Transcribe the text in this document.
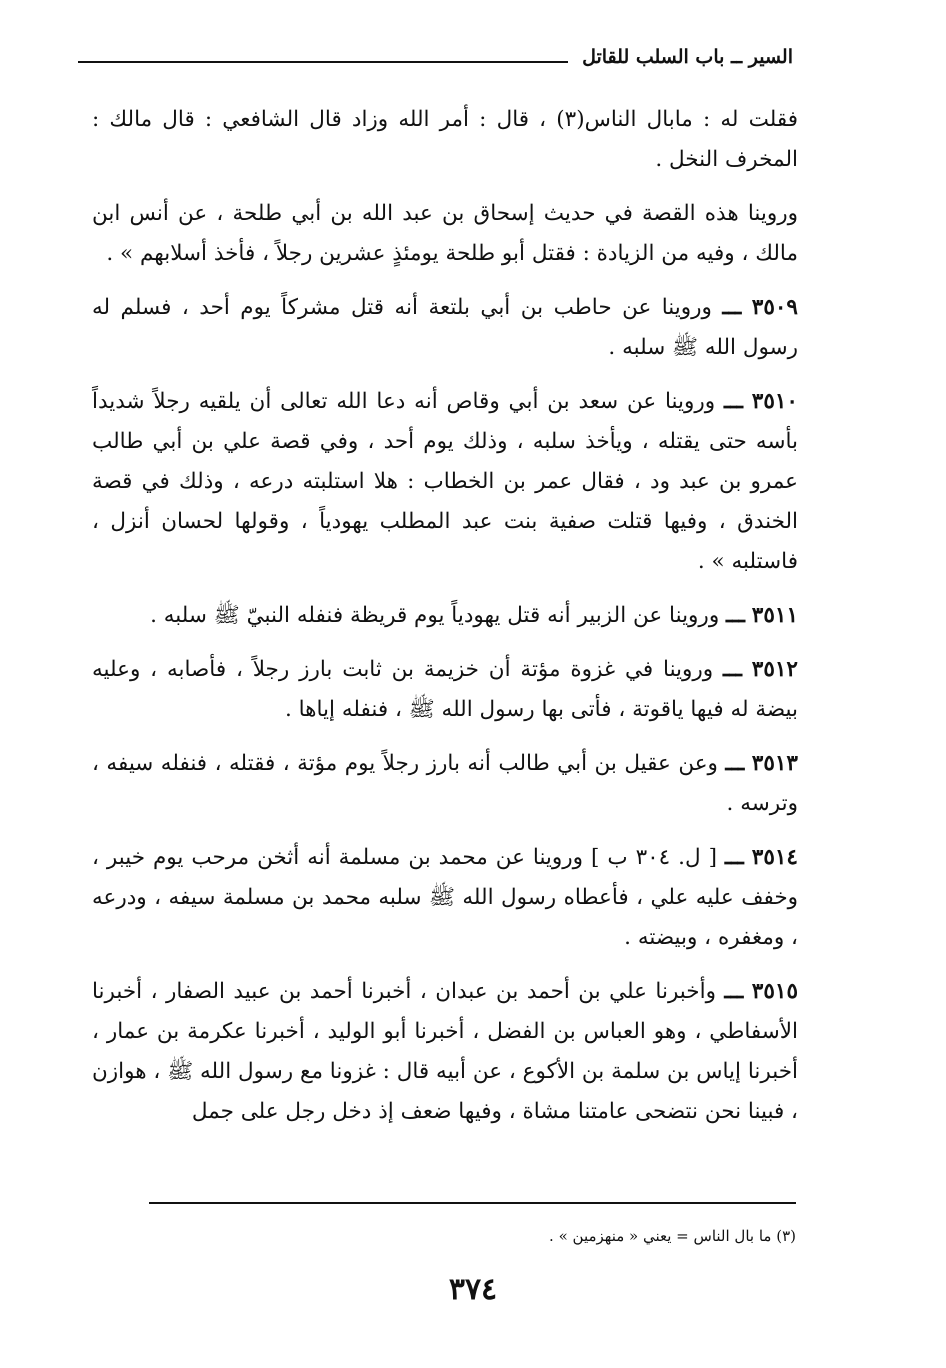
السير ــ باب السلب للقاتل

فقلت له : مابال الناس(٣) ، قال : أمر الله وزاد قال الشافعي : قال مالك : المخرف النخل .

وروينا هذه القصة في حديث إسحاق بن عبد الله بن أبي طلحة ، عن أنس ابن مالك ، وفيه من الزيادة : فقتل أبو طلحة يومئذٍ عشرين رجلاً ، فأخذ أسلابهم » .

٣٥٠٩ ـــ وروينا عن حاطب بن أبي بلتعة أنه قتل مشركاً يوم أحد ، فسلم له رسول الله ﷺ سلبه .

٣٥١٠ ـــ وروينا عن سعد بن أبي وقاص أنه دعا الله تعالى أن يلقيه رجلاً شديداً بأسه حتى يقتله ، ويأخذ سلبه ، وذلك يوم أحد ، وفي قصة علي بن أبي طالب عمرو بن عبد ود ، فقال عمر بن الخطاب : هلا استلبته درعه ، وذلك في قصة الخندق ، وفيها قتلت صفية بنت عبد المطلب يهودياً ، وقولها لحسان أنزل ، فاستلبه » .

٣٥١١ ـــ وروينا عن الزبير أنه قتل يهودياً يوم قريظة فنفله النبيّ ﷺ سلبه .

٣٥١٢ ـــ وروينا في غزوة مؤتة أن خزيمة بن ثابت بارز رجلاً ، فأصابه ، وعليه بيضة له فيها ياقوتة ، فأتى بها رسول الله ﷺ ، فنفله إياها .

٣٥١٣ ـــ وعن عقيل بن أبي طالب أنه بارز رجلاً يوم مؤتة ، فقتله ، فنفله سيفه ، وترسه .

٣٥١٤ ـــ [ ل. ٣٠٤ ب ] وروينا عن محمد بن مسلمة أنه أثخن مرحب يوم خيبر ، وخفف عليه علي ، فأعطاه رسول الله ﷺ سلبه محمد بن مسلمة سيفه ، ودرعه ، ومغفره ، وبيضته .

٣٥١٥ ـــ وأخبرنا علي بن أحمد بن عبدان ، أخبرنا أحمد بن عبيد الصفار ، أخبرنا الأسفاطي ، وهو العباس بن الفضل ، أخبرنا أبو الوليد ، أخبرنا عكرمة بن عمار ، أخبرنا إياس بن سلمة بن الأكوع ، عن أبيه قال : غزونا مع رسول الله ﷺ ، هوازن ، فبينا نحن نتضحى عامتنا مشاة ، وفيها ضعف إذ دخل رجل على جمل

(٣) ما بال الناس = يعني « منهزمين » .
٣٧٤
